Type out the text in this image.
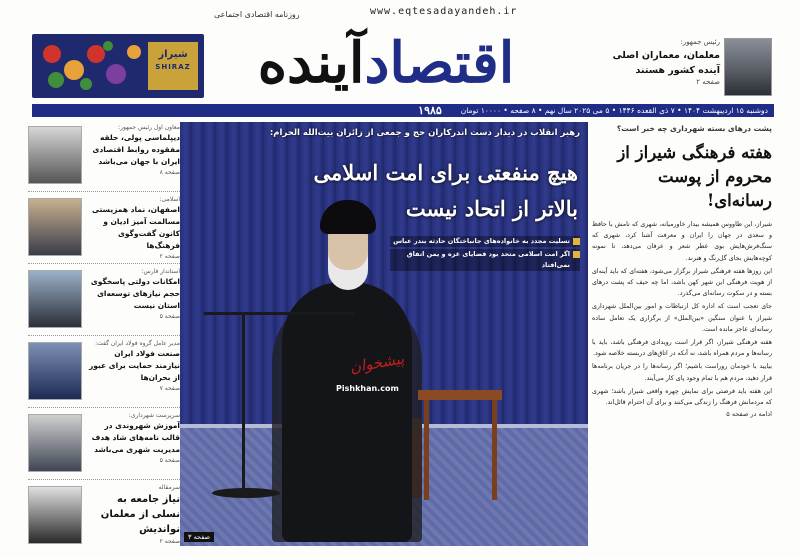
www.eqtesadayandeh.ir
روزنامه اقتصادی اجتماعی
اقتصادآینده
شیراز
SHIRAZ
رئیس جمهور:
معلمان، معماران اصلی آینده کشور هستند
صفحه ۲
دوشنبه ۱۵ اردیبهشت ۱۴۰۴ • ۷ ذی القعده ۱۴۴۶ • ۵ می ۲۰۲۵ سال نهم • ۸ صفحه • ۱۰۰۰۰ تومان
۱۹۸۵
معاون اول رئیس جمهور:
دیپلماسی پولی، حلقه مفقوده روابط اقتصادی ایران با جهان می‌باشد
صفحه ۸
اسلامی:
اصفهان، نماد همزیستی مسالمت آمیز ادیان و کانون گفت‌وگوی فرهنگ‌ها
صفحه ۲
استاندار فارس:
امکانات دولتی پاسخگوی حجم نیازهای توسعه‌ای استان نیست
صفحه ۵
مدیر عامل گروه فولاد ایران گفت:
صنعت فولاد ایران نیازمند حمایت برای عبور از بحران‌ها
صفحه ۷
سرپرست شهرداری:
آموزش شهروندی در قالب نامه‌های شاد هدف مدیریت شهری می‌باشد
صفحه ۵
سرمقاله
نیاز جامعه به نسلی از معلمان نواندیش
صفحه ۲
رهبر انقلاب در دیدار دست اندرکاران حج و جمعی از زائران بیت‌الله الحرام:
هیچ منفعتی برای امت اسلامی
بالاتر از اتحاد نیست
تسلیت مجدد به خانواده‌های جانباختگان حادثه بندر عباس
اگر امت اسلامی متحد بود فضایای غزه و یمن اتفاق نمی‌افتاد
پیشخوان
Pishkhan.com
صفحه ۳
پشت درهای بسته شهرداری چه خبر است؟
هفته فرهنگی شیراز از محروم از پوست رسانه‌ای!

شیراز، این طاووس همیشه بیدار خاورمیانه، شهری که نامش با حافظ و سعدی در جهان را ایران و معرفت آشنا کرد، شهری که سنگ‌فرش‌هایش بوی عطر شعر و عرفان می‌دهد، تا نمونه کوچه‌هایش بجای گل‌رنگ و هنرند.

این روزها هفته فرهنگی شیراز برگزار می‌شود، هفته‌ای که باید آینه‌ای از هویت فرهنگی این شهر کهن باشد، اما چه حیف که پشت درهای بسته و در سکوت رسانه‌ای می‌گذرد.

جای تعجب است که اداره کل ارتباطات و امور بین‌الملل شهرداری شیراز با عنوان سنگین «بین‌الملل» از برگزاری یک تعامل ساده رسانه‌ای عاجز مانده است.

هفته فرهنگی شیراز، اگر قرار است رویدادی فرهنگی باشد، باید با رسانه‌ها و مردم همراه باشد، نه آنکه در اتاق‌های دربسته خلاصه شود.

بیایید با خودمان روراست باشیم؛ اگر رسانه‌ها را در جریان برنامه‌ها قرار دهید، مردم هم با تمام وجود پای کار می‌آیند.

این هفته باید فرصتی برای نمایش چهره واقعی شیراز باشد؛ شهری که مردمانش فرهنگ را زندگی می‌کنند و برای آن احترام قائل‌اند.

ادامه در صفحه ۵
